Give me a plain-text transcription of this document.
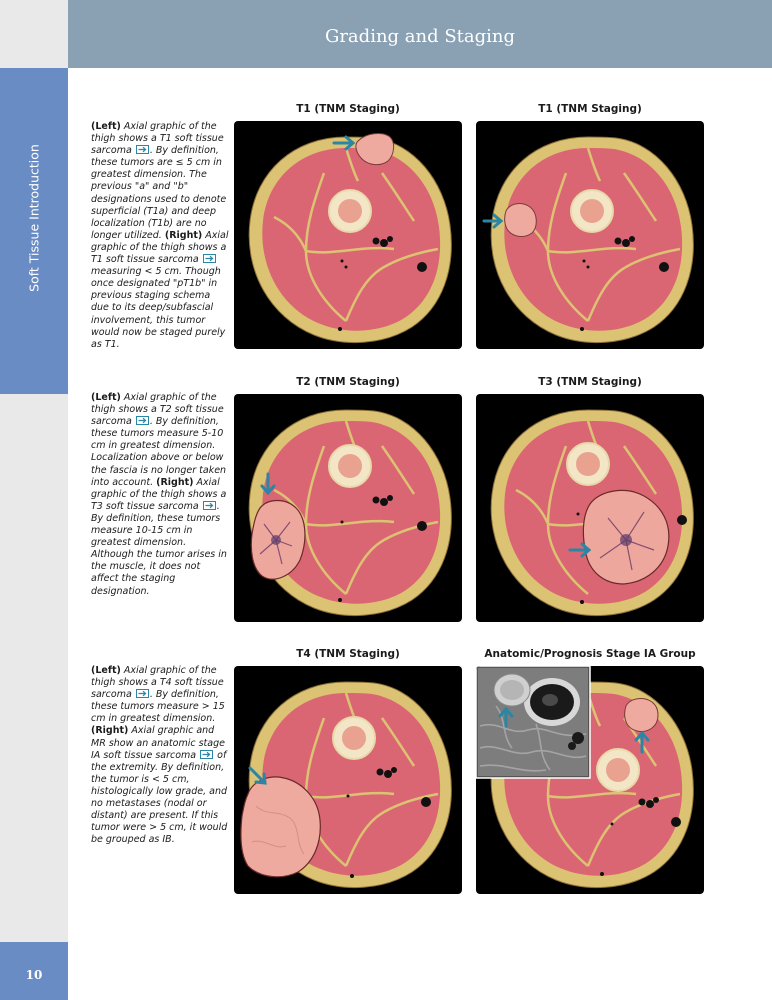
Grading and Staging
Soft Tissue Introduction
10
(Left) Axial graphic of the thigh shows a T1 soft tissue sarcoma . By definition, these tumors are ≤ 5 cm in greatest dimension. The previous "a" and "b" designations used to denote superficial (T1a) and deep localization (T1b) are no longer utilized. (Right) Axial graphic of the thigh shows a T1 soft tissue sarcoma  measuring < 5 cm. Though once designated "pT1b" in previous staging schema due to its deep/subfascial involvement, this tumor would now be staged purely as T1.
(Left) Axial graphic of the thigh shows a T2 soft tissue sarcoma . By definition, these tumors measure 5-10 cm in greatest dimension. Localization above or below the fascia is no longer taken into account. (Right) Axial graphic of the thigh shows a T3 soft tissue sarcoma . By definition, these tumors measure 10-15 cm in greatest dimension. Although the tumor arises in the muscle, it does not affect the staging designation.
(Left) Axial graphic of the thigh shows a T4 soft tissue sarcoma . By definition, these tumors measure > 15 cm in greatest dimension. (Right) Axial graphic and MR show an anatomic stage IA soft tissue sarcoma of the extremity. By definition, the tumor is < 5 cm, histologically low grade, and no metastases (nodal or distant) are present. If this tumor were > 5 cm, it would be grouped as IB.
T1 (TNM Staging)	T1 (TNM Staging)
T2 (TNM Staging)	T3 (TNM Staging)
T4 (TNM Staging)	Anatomic/Prognosis Stage IA Group
